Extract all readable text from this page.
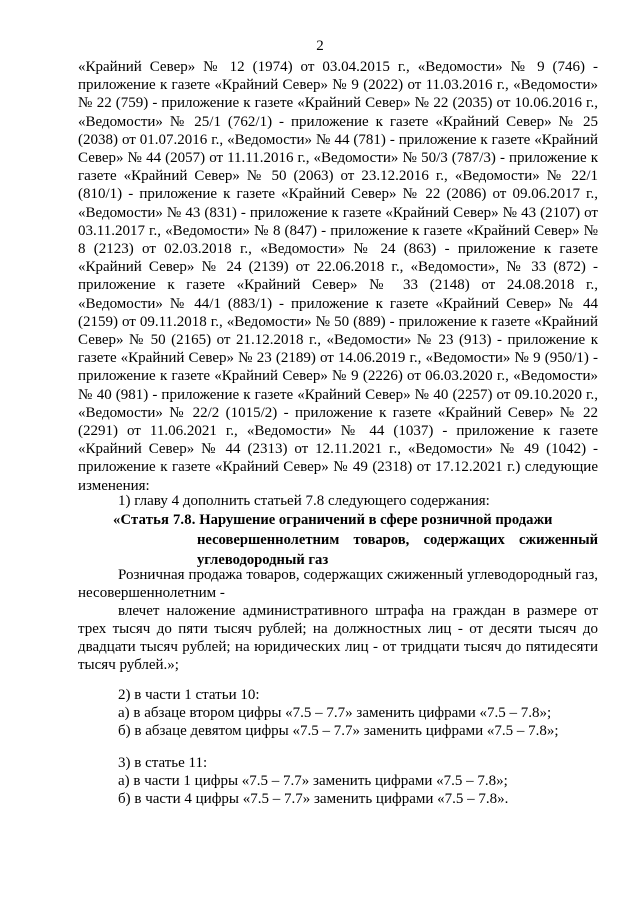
2

«Крайний Север» № 12 (1974) от 03.04.2015 г., «Ведомости» № 9 (746) - приложение к газете «Крайний Север» № 9 (2022) от 11.03.2016 г., «Ведомости» № 22 (759) - приложение к газете «Крайний Север» № 22 (2035) от 10.06.2016 г., «Ведомости» № 25/1 (762/1) - приложение к газете «Крайний Север» № 25 (2038) от 01.07.2016 г., «Ведомости» № 44 (781) - приложение к газете «Крайний Север» № 44 (2057) от 11.11.2016 г., «Ведомости» № 50/3 (787/3) - приложение к газете «Крайний Север» № 50 (2063) от 23.12.2016 г., «Ведомости» № 22/1 (810/1) - приложение к газете «Крайний Север» № 22 (2086) от 09.06.2017 г., «Ведомости» № 43 (831) - приложение к газете «Крайний Север» № 43 (2107) от 03.11.2017 г., «Ведомости» № 8 (847) - приложение к газете «Крайний Север» № 8 (2123) от 02.03.2018 г., «Ведомости» № 24 (863) - приложение к газете «Крайний Север» № 24 (2139) от 22.06.2018 г., «Ведомости», № 33 (872) - приложение к газете «Крайний Север» № 33 (2148) от 24.08.2018 г., «Ведомости» № 44/1 (883/1) - приложение к газете «Крайний Север» № 44 (2159) от 09.11.2018 г., «Ведомости» № 50 (889) - приложение к газете «Крайний Север» № 50 (2165) от 21.12.2018 г., «Ведомости» № 23 (913) - приложение к газете «Крайний Север» № 23 (2189) от 14.06.2019 г., «Ведомости» № 9 (950/1) - приложение к газете «Крайний Север» № 9 (2226) от 06.03.2020 г., «Ведомости» № 40 (981) - приложение к газете «Крайний Север» № 40 (2257) от 09.10.2020 г., «Ведомости» № 22/2 (1015/2) - приложение к газете «Крайний Север» № 22 (2291) от 11.06.2021 г., «Ведомости» № 44 (1037) - приложение к газете «Крайний Север» № 44 (2313) от 12.11.2021 г., «Ведомости» № 49 (1042) - приложение к газете «Крайний Север» № 49 (2318) от 17.12.2021 г.) следующие изменения:

1) главу 4 дополнить статьей 7.8 следующего содержания:

«Статья 7.8. Нарушение ограничений в сфере розничной продажи
несовершеннолетним товаров, содержащих сжиженный углеводородный газ

Розничная продажа товаров, содержащих сжиженный углеводородный газ, несовершеннолетним -

влечет наложение административного штрафа на граждан в размере от трех тысяч до пяти тысяч рублей; на должностных лиц - от десяти тысяч до двадцати тысяч рублей; на юридических лиц - от тридцати тысяч до пятидесяти тысяч рублей.»;

2) в части 1 статьи 10:

а) в абзаце втором цифры «7.5 – 7.7» заменить цифрами «7.5 – 7.8»;

б) в абзаце девятом цифры «7.5 – 7.7» заменить цифрами «7.5 – 7.8»;

3) в статье 11:

а) в части 1 цифры «7.5 – 7.7» заменить цифрами «7.5 – 7.8»;

б) в части 4 цифры «7.5 – 7.7» заменить цифрами «7.5 – 7.8».
